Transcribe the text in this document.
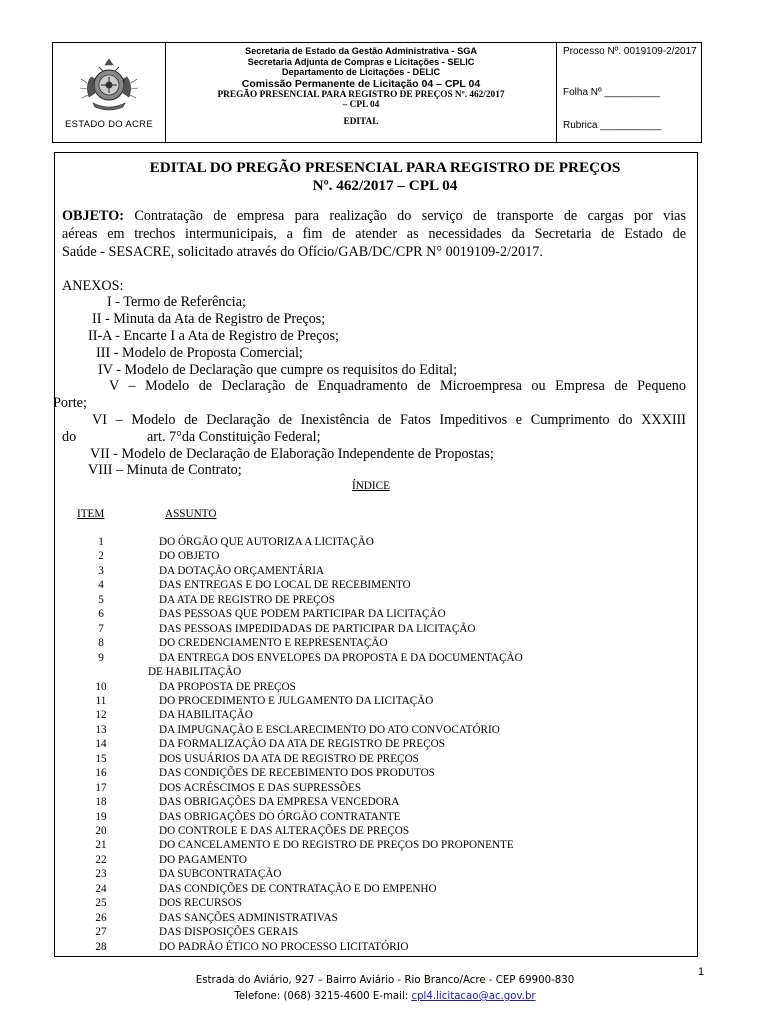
ESTADO DO ACRE
Secretaria de Estado da Gestão Administrativa - SGA
Secretaria Adjunta de Compras e Licitações - SELIC
Departamento de Licitações - DELIC
Comissão Permanente de Licitação 04 – CPL 04
PREGÃO PRESENCIAL PARA REGISTRO DE PREÇOS Nº. 462/2017
– CPL 04
EDITAL
Processo Nº. 0019109-2/2017
Folha Nº __________
Rubrica ___________
EDITAL DO PREGÃO PRESENCIAL PARA REGISTRO DE PREÇOS
Nº. 462/2017 – CPL 04
OBJETO: Contratação de empresa para realização do serviço de transporte de cargas por vias
aéreas em trechos intermunicipais, a fim de atender as necessidades da Secretaria de Estado de
Saúde - SESACRE, solicitado através do Ofício/GAB/DC/CPR N° 0019109-2/2017.
ANEXOS:
I - Termo de Referência;
II - Minuta da Ata de Registro de Preços;
II-A - Encarte I a Ata de Registro de Preços;
III - Modelo de Proposta Comercial;
IV - Modelo de Declaração que cumpre os requisitos do Edital;
V – Modelo de Declaração de Enquadramento de Microempresa ou Empresa de Pequeno
Porte;
VI – Modelo de Declaração de Inexistência de Fatos Impeditivos e Cumprimento do XXXIII
do	art. 7°da Constituição Federal;
VII - Modelo de Declaração de Elaboração Independente de Propostas;
VIII – Minuta de Contrato;
ÍNDICE
ITEM	ASSUNTO
1	DO ÓRGÃO QUE AUTORIZA A LICITAÇÃO
2	DO OBJETO
3	DA DOTAÇÃO ORÇAMENTÁRIA
4	DAS ENTREGAS E DO LOCAL DE RECEBIMENTO
5	DA ATA DE REGISTRO DE PREÇOS
6	DAS PESSOAS QUE PODEM PARTICIPAR DA LICITAÇÃO
7	DAS PESSOAS IMPEDIDADAS DE PARTICIPAR DA LICITAÇÃO
8	DO CREDENCIAMENTO E REPRESENTAÇÃO
9	DA ENTREGA DOS ENVELOPES DA PROPOSTA E DA DOCUMENTAÇÃO
DE HABILITAÇÃO
10	DA PROPOSTA DE PREÇOS
11	DO PROCEDIMENTO E JULGAMENTO DA LICITAÇÃO
12	DA HABILITAÇÃO
13	DA IMPUGNAÇÃO E ESCLARECIMENTO DO ATO CONVOCATÓRIO
14	DA FORMALIZAÇÃO DA ATA DE REGISTRO DE PREÇOS
15	DOS USUÁRIOS DA ATA DE REGISTRO DE PREÇOS
16	DAS CONDIÇÕES DE RECEBIMENTO DOS PRODUTOS
17	DOS ACRÉSCIMOS E DAS SUPRESSÕES
18	DAS OBRIGAÇÕES DA EMPRESA VENCEDORA
19	DAS OBRIGAÇÕES DO ÓRGÃO CONTRATANTE
20	DO CONTROLE E DAS ALTERAÇÕES DE PREÇOS
21	DO CANCELAMENTO E DO REGISTRO DE PREÇOS DO PROPONENTE
22	DO PAGAMENTO
23	DA SUBCONTRATAÇÃO
24	DAS CONDIÇÕES DE CONTRATAÇÃO E DO EMPENHO
25	DOS RECURSOS
26	DAS SANÇÕES ADMINISTRATIVAS
27	DAS DISPOSIÇÕES GERAIS
28	DO PADRÃO ÉTICO NO PROCESSO LICITATÓRIO
1
Estrada do Aviário, 927 – Bairro Aviário - Rio Branco/Acre - CEP 69900-830
Telefone: (068) 3215-4600 E-mail: cpl4.licitacao@ac.gov.br
